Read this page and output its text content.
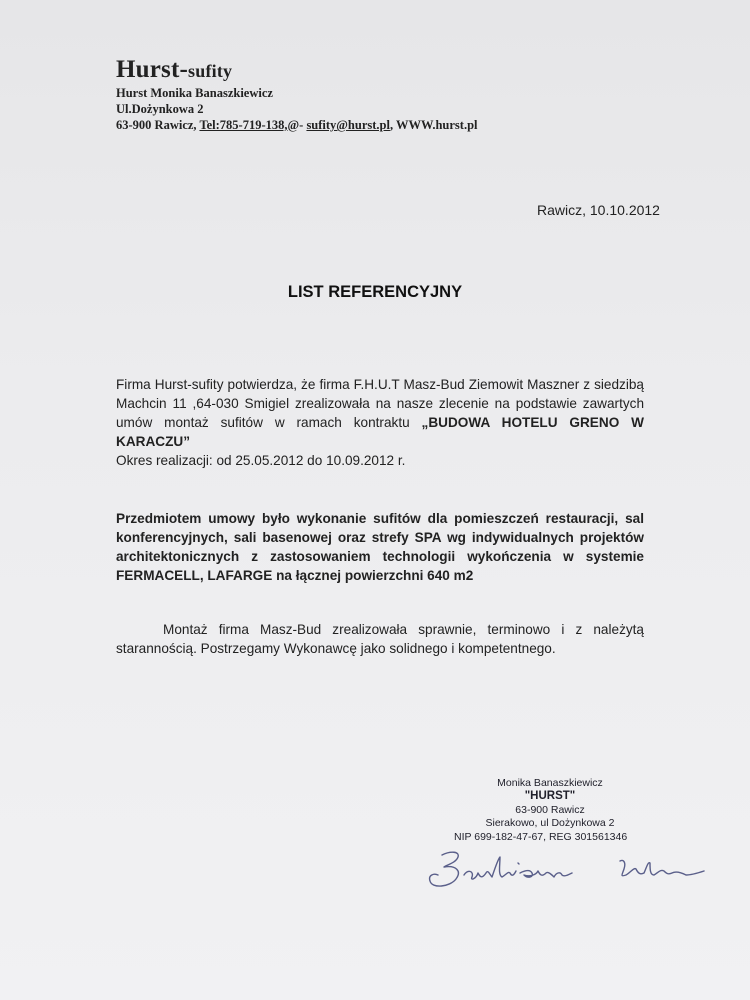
Hurst-sufity
Hurst Monika Banaszkiewicz
Ul.Dożynkowa 2
63-900 Rawicz, Tel:785-719-138,@- sufity@hurst.pl, WWW.hurst.pl
Rawicz, 10.10.2012
LIST REFERENCYJNY
Firma Hurst-sufity potwierdza, że firma F.H.U.T Masz-Bud Ziemowit Maszner z siedzibą Machcin 11 ,64-030 Smigiel zrealizowała na nasze zlecenie na podstawie zawartych umów montaż sufitów w ramach kontraktu „BUDOWA HOTELU GRENO W KARACZU”
Okres realizacji: od 25.05.2012 do 10.09.2012 r.
Przedmiotem umowy było wykonanie sufitów dla pomieszczeń restauracji, sal konferencyjnych, sali basenowej oraz strefy SPA wg indywidualnych projektów architektonicznych z zastosowaniem technologii wykończenia w systemie FERMACELL, LAFARGE na łącznej powierzchni 640 m2
Montaż firma Masz-Bud zrealizowała sprawnie, terminowo i z należytą starannością. Postrzegamy Wykonawcę jako solidnego i kompetentnego.
Monika Banaszkiewicz
"HURST"
63-900 Rawicz
Sierakowo, ul Dożynkowa 2
NIP 699-182-47-67, REG 301561346
